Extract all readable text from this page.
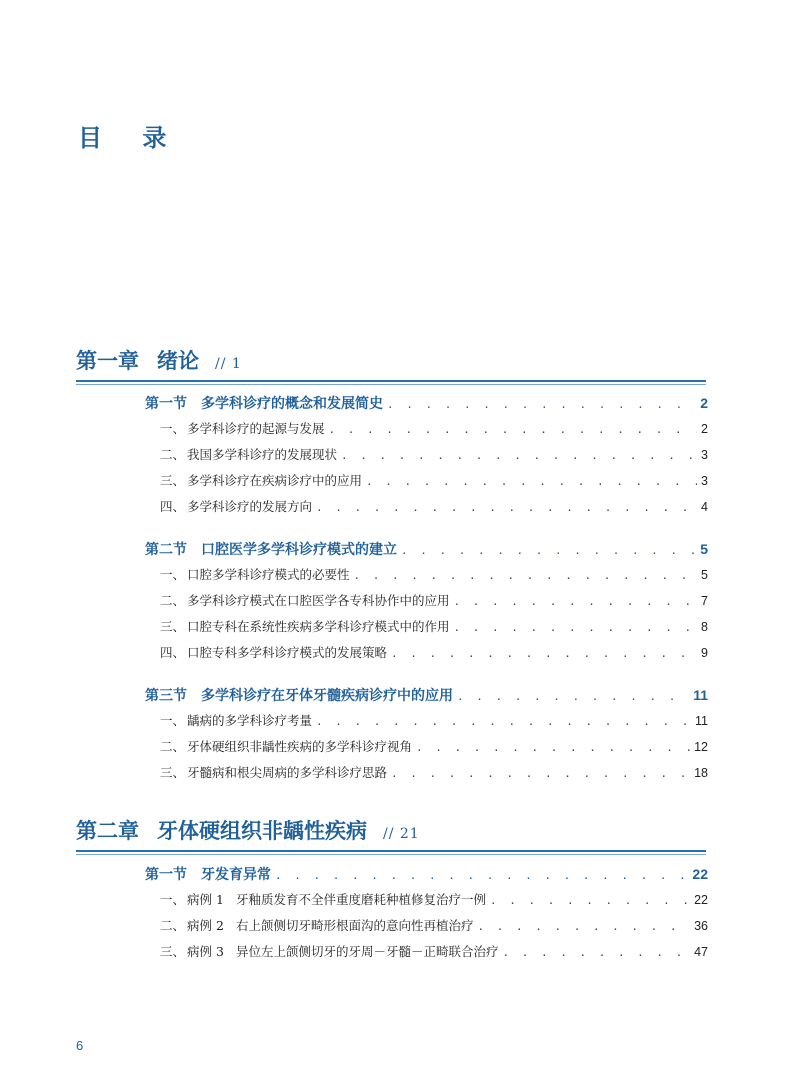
目 录
第一章 绪论 // 1
第一节 多学科诊疗的概念和发展简史 . . .	2
一、 多学科诊疗的起源与发展 . . .	2
二、 我国多学科诊疗的发展现状 . . .	3
三、 多学科诊疗在疾病诊疗中的应用 . . .	3
四、 多学科诊疗的发展方向 . . .	4
第二节 口腔医学多学科诊疗模式的建立 . . .	5
一、 口腔多学科诊疗模式的必要性 . . .	5
二、 多学科诊疗模式在口腔医学各专科协作中的应用 . . .	7
三、 口腔专科在系统性疾病多学科诊疗模式中的作用 . . .	8
四、 口腔专科多学科诊疗模式的发展策略 . . .	9
第三节 多学科诊疗在牙体牙髓疾病诊疗中的应用 . . .	11
一、 龋病的多学科诊疗考量 . . .	11
二、 牙体硬组织非龋性疾病的多学科诊疗视角 . . .	12
三、 牙髓病和根尖周病的多学科诊疗思路 . . .	18
第二章 牙体硬组织非龋性疾病 // 21
第一节 牙发育异常 . . .	22
一、 病例 1 牙釉质发育不全伴重度磨耗种植修复治疗一例 . . .	22
二、 病例 2 右上颌侧切牙畸形根面沟的意向性再植治疗 . . .	36
三、 病例 3 异位左上颌侧切牙的牙周－牙髓－正畸联合治疗 . . .	47
6
